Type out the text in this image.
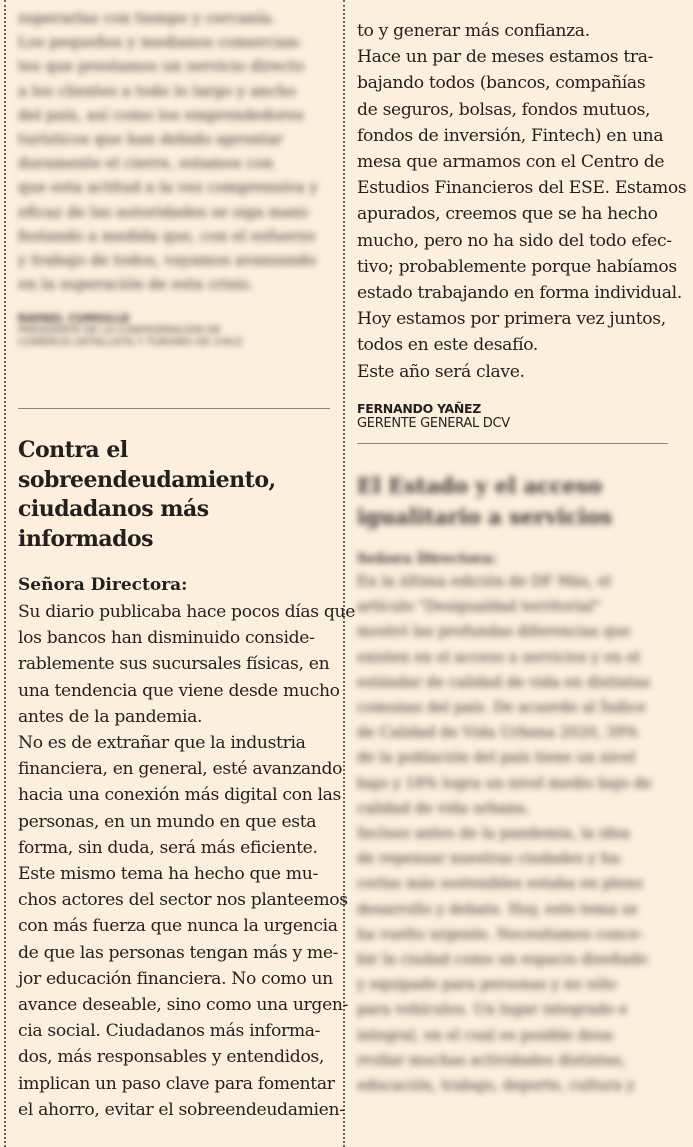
superarlas con tiempo y cercanía.
Los pequeños y medianos comercian-
tes que prestamos un servicio directo
a los clientes a todo lo largo y ancho
del país, así como los emprendedores
turísticos que han debido aprontar
duramente el cierre, estamos con
que esta actitud a la vez comprensiva y
eficaz de las autoridades se siga mani-
festando a medida que, con el esfuerzo
y trabajo de todos, vayamos avanzando
en la superación de esta crisis.
RAFAEL CUMSILLE
PRESIDENTE DE LA CONFEDERACIÓN DE
COMERCIO DETALLISTA Y TURISMO DE CHILE
Contra el
sobreendeudamiento,
ciudadanos más
informados
Señora Directora:
Su diario publicaba hace pocos días que
los bancos han disminuido conside-
rablemente sus sucursales físicas, en
una tendencia que viene desde mucho
antes de la pandemia.
No es de extrañar que la industria
financiera, en general, esté avanzando
hacia una conexión más digital con las
personas, en un mundo en que esta
forma, sin duda, será más eficiente.
Este mismo tema ha hecho que mu-
chos actores del sector nos planteemos
con más fuerza que nunca la urgencia
de que las personas tengan más y me-
jor educación financiera. No como un
avance deseable, sino como una urgen-
cia social. Ciudadanos más informa-
dos, más responsables y entendidos,
implican un paso clave para fomentar
el ahorro, evitar el sobreendeudamien-
to y generar más confianza.
Hace un par de meses estamos tra-
bajando todos (bancos, compañías
de seguros, bolsas, fondos mutuos,
fondos de inversión, Fintech) en una
mesa que armamos con el Centro de
Estudios Financieros del ESE. Estamos
apurados, creemos que se ha hecho
mucho, pero no ha sido del todo efec-
tivo; probablemente porque habíamos
estado trabajando en forma individual.
Hoy estamos por primera vez juntos,
todos en este desafío.
Este año será clave.
FERNANDO YAÑEZ
GERENTE GENERAL DCV
El Estado y el acceso
igualitario a servicios
Señora Directora:
En la última edición de DF Más, el
artículo "Desigualdad territorial"
mostró las profundas diferencias que
existen en el acceso a servicios y en el
estándar de calidad de vida en distintas
comunas del país. De acuerdo al Índice
de Calidad de Vida Urbana 2020, 39%
de la población del país tiene un nivel
bajo y 18% logra un nivel medio bajo de
calidad de vida urbana.
Incluso antes de la pandemia, la idea
de repensar nuestras ciudades y ha-
cerlas más sostenibles estaba en pleno
desarrollo y debate. Hoy, este tema se
ha vuelto urgente. Necesitamos conce-
bir la ciudad como un espacio diseñado
y equipado para personas y no sólo
para vehículos. Un lugar integrado e
integral, en el cual es posible desa-
rrollar muchas actividades distintas,
educación, trabajo, deporte, cultura y
